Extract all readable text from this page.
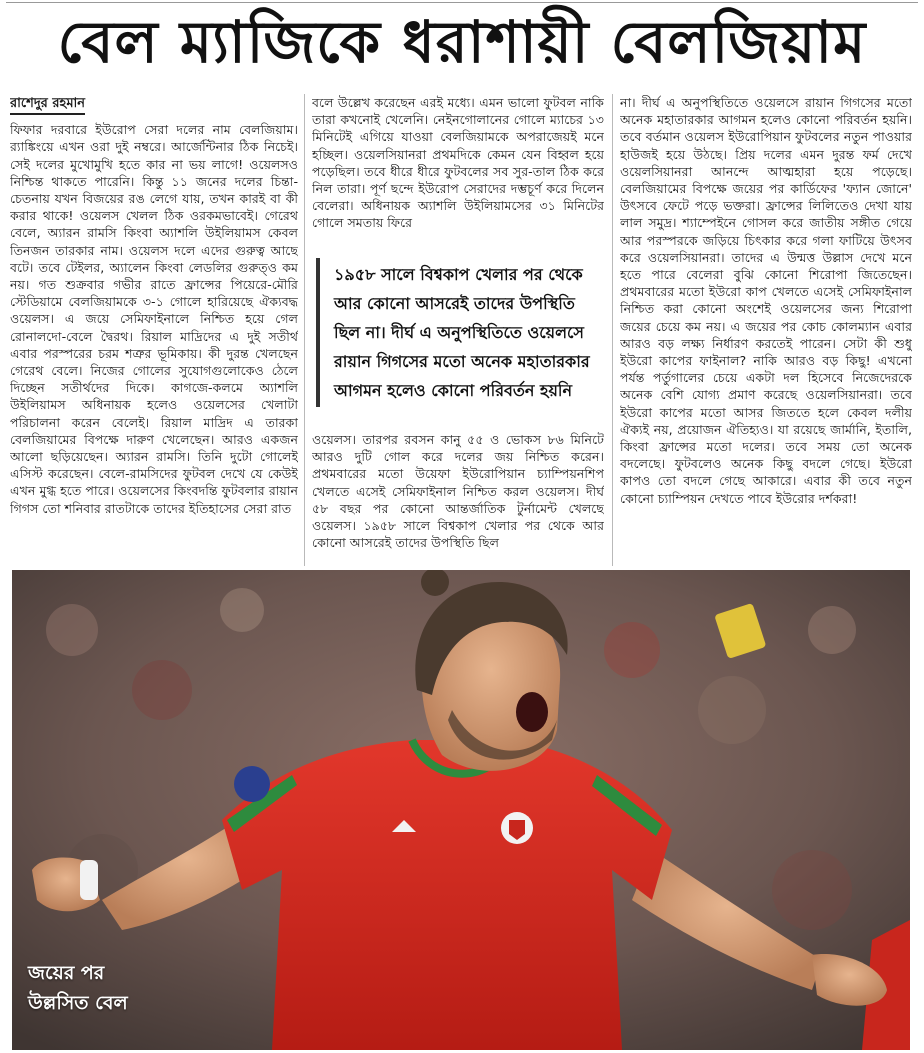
বেল ম্যাজিকে ধরাশায়ী বেলজিয়াম
রাশেদুর রহমান

ফিফার দরবারে ইউরোপ সেরা দলের নাম বেলজিয়াম। র‍্যাঙ্কিংয়ে এখন ওরা দুই নম্বরে। আর্জেন্টিনার ঠিক নিচেই। সেই দলের মুখোমুখি হতে কার না ভয় লাগে! ওয়েলসও নিশ্চিন্ত থাকতে পারেনি। কিন্তু ১১ জনের দলের চিন্তা-চেতনায় যখন বিজয়ের রঙ লেগে যায়, তখন কারই বা কী করার থাকে! ওয়েলস খেলল ঠিক ওরকমভাবেই। গেরেথ বেলে, অ্যারন রামসি কিংবা অ্যাশলি উইলিয়ামস কেবল তিনজন তারকার নাম। ওয়েলস দলে এদের গুরুত্ব আছে বটে। তবে টেইলর, অ্যালেন কিংবা লেডলির গুরুত্ও কম নয়। গত শুক্রবার গভীর রাতে ফ্রান্সের পিয়েরে-মৌরি স্টেডিয়ামে বেলজিয়ামকে ৩-১ গোলে হারিয়েছে ঐক্যবদ্ধ ওয়েলস। এ জয়ে সেমিফাইনালে নিশ্চিত হয়ে গেল রোনালদো-বেলে দ্বৈরথ। রিয়াল মাদ্রিদের এ দুই সতীর্থ এবার পরস্পরের চরম শত্রুর ভূমিকায়। কী দুরন্ত খেলছেন গেরেথ বেলে। নিজের গোলের সুযোগগুলোকেও ঠেলে দিচ্ছেন সতীর্থদের দিকে। কাগজে-কলমে অ্যাশলি উইলিয়ামস অধিনায়ক হলেও ওয়েলসের খেলাটা পরিচালনা করেন বেলেই। রিয়াল মাদ্রিদ এ তারকা বেলজিয়ামের বিপক্ষে দারুণ খেলেছেন। আরও একজন আলো ছড়িয়েছেন। অ্যারন রামসি। তিনি দুটো গোলেই এসিস্ট করেছেন। বেলে-রামসিদের ফুটবল দেখে যে কেউই এখন মুগ্ধ হতে পারে। ওয়েলসের কিংবদন্তি ফুটবলার রায়ান গিগস তো শনিবার রাতটাকে তাদের ইতিহাসের সেরা রাত

বলে উল্লেখ করেছেন এরই মধ্যে। এমন ভালো ফুটবল নাকি তারা কখনোই খেলেনি। নেইনগোলানের গোলে ম্যাচের ১৩ মিনিটেই এগিয়ে যাওয়া বেলজিয়ামকে অপরাজেয়ই মনে হচ্ছিল। ওয়েলসিয়ানরা প্রথমদিকে কেমন যেন বিহ্বল হয়ে পড়েছিল। তবে ধীরে ধীরে ফুটবলের সব সুর-তাল ঠিক করে নিল তারা। পূর্ণ ছন্দে ইউরোপ সেরাদের দম্ভচূর্ণ করে দিলেন বেলেরা। অধিনায়ক অ্যাশলি উইলিয়ামসের ৩১ মিনিটের গোলে সমতায় ফিরে

১৯৫৮ সালে বিশ্বকাপ খেলার পর থেকে আর কোনো আসরেই তাদের উপস্থিতি ছিল না। দীর্ঘ এ অনুপস্থিতিতে ওয়েলসে রায়ান গিগসের মতো অনেক মহাতারকার আগমন হলেও কোনো পরিবর্তন হয়নি

ওয়েলস। তারপর রবসন কানু ৫৫ ও ভোকস ৮৬ মিনিটে আরও দুটি গোল করে দলের জয় নিশ্চিত করেন। প্রথমবারের মতো উয়েফা ইউরোপিয়ান চ্যাম্পিয়নশিপ খেলতে এসেই সেমিফাইনাল নিশ্চিত করল ওয়েলস। দীর্ঘ ৫৮ বছর পর কোনো আন্তর্জাতিক টুর্নামেন্ট খেলছে ওয়েলস। ১৯৫৮ সালে বিশ্বকাপ খেলার পর থেকে আর কোনো আসরেই তাদের উপস্থিতি ছিল

না। দীর্ঘ এ অনুপস্থিতিতে ওয়েলসে রায়ান গিগসের মতো অনেক মহাতারকার আগমন হলেও কোনো পরিবর্তন হয়নি। তবে বর্তমান ওয়েলস ইউরোপিয়ান ফুটবলের নতুন পাওয়ার হাউজই হয়ে উঠছে। প্রিয় দলের এমন দুরন্ত ফর্ম দেখে ওয়েলসিয়ানরা আনন্দে আত্মহারা হয়ে পড়েছে। বেলজিয়ামের বিপক্ষে জয়ের পর কার্ডিফের 'ফ্যান জোনে' উৎসবে ফেটে পড়ে ভক্তরা। ফ্রান্সের লিলিতেও দেখা যায় লাল সমুদ্র। শ্যাম্পেইনে গোসল করে জাতীয় সঙ্গীত গেয়ে আর পরস্পরকে জড়িয়ে চিৎকার করে গলা ফাটিয়ে উৎসব করে ওয়েলসিয়ানরা। তাদের এ উন্মত্ত উল্লাস দেখে মনে হতে পারে বেলেরা বুঝি কোনো শিরোপা জিতেছেন। প্রথমবারের মতো ইউরো কাপ খেলতে এসেই সেমিফাইনাল নিশ্চিত করা কোনো অংশেই ওয়েলসের জন্য শিরোপা জয়ের চেয়ে কম নয়। এ জয়ের পর কোচ কোলম্যান এবার আরও বড় লক্ষ্য নির্ধারণ করতেই পারেন। সেটা কী শুধু ইউরো কাপের ফাইনাল? নাকি আরও বড় কিছু! এখনো পর্যন্ত পর্তুগালের চেয়ে একটা দল হিসেবে নিজেদেরকে অনেক বেশি যোগ্য প্রমাণ করেছে ওয়েলসিয়ানরা। তবে ইউরো কাপের মতো আসর জিততে হলে কেবল দলীয় ঐক্যই নয়, প্রয়োজন ঐতিহ্যও। যা রয়েছে জার্মানি, ইতালি, কিংবা ফ্রান্সের মতো দলের। তবে সময় তো অনেক বদলেছে। ফুটবলেও অনেক কিছু বদলে গেছে। ইউরো কাপও তো বদলে গেছে আকারে। এবার কী তবে নতুন কোনো চ্যাম্পিয়ন দেখতে পাবে ইউরোর দর্শকরা!

জয়ের পর
উল্লসিত বেল
